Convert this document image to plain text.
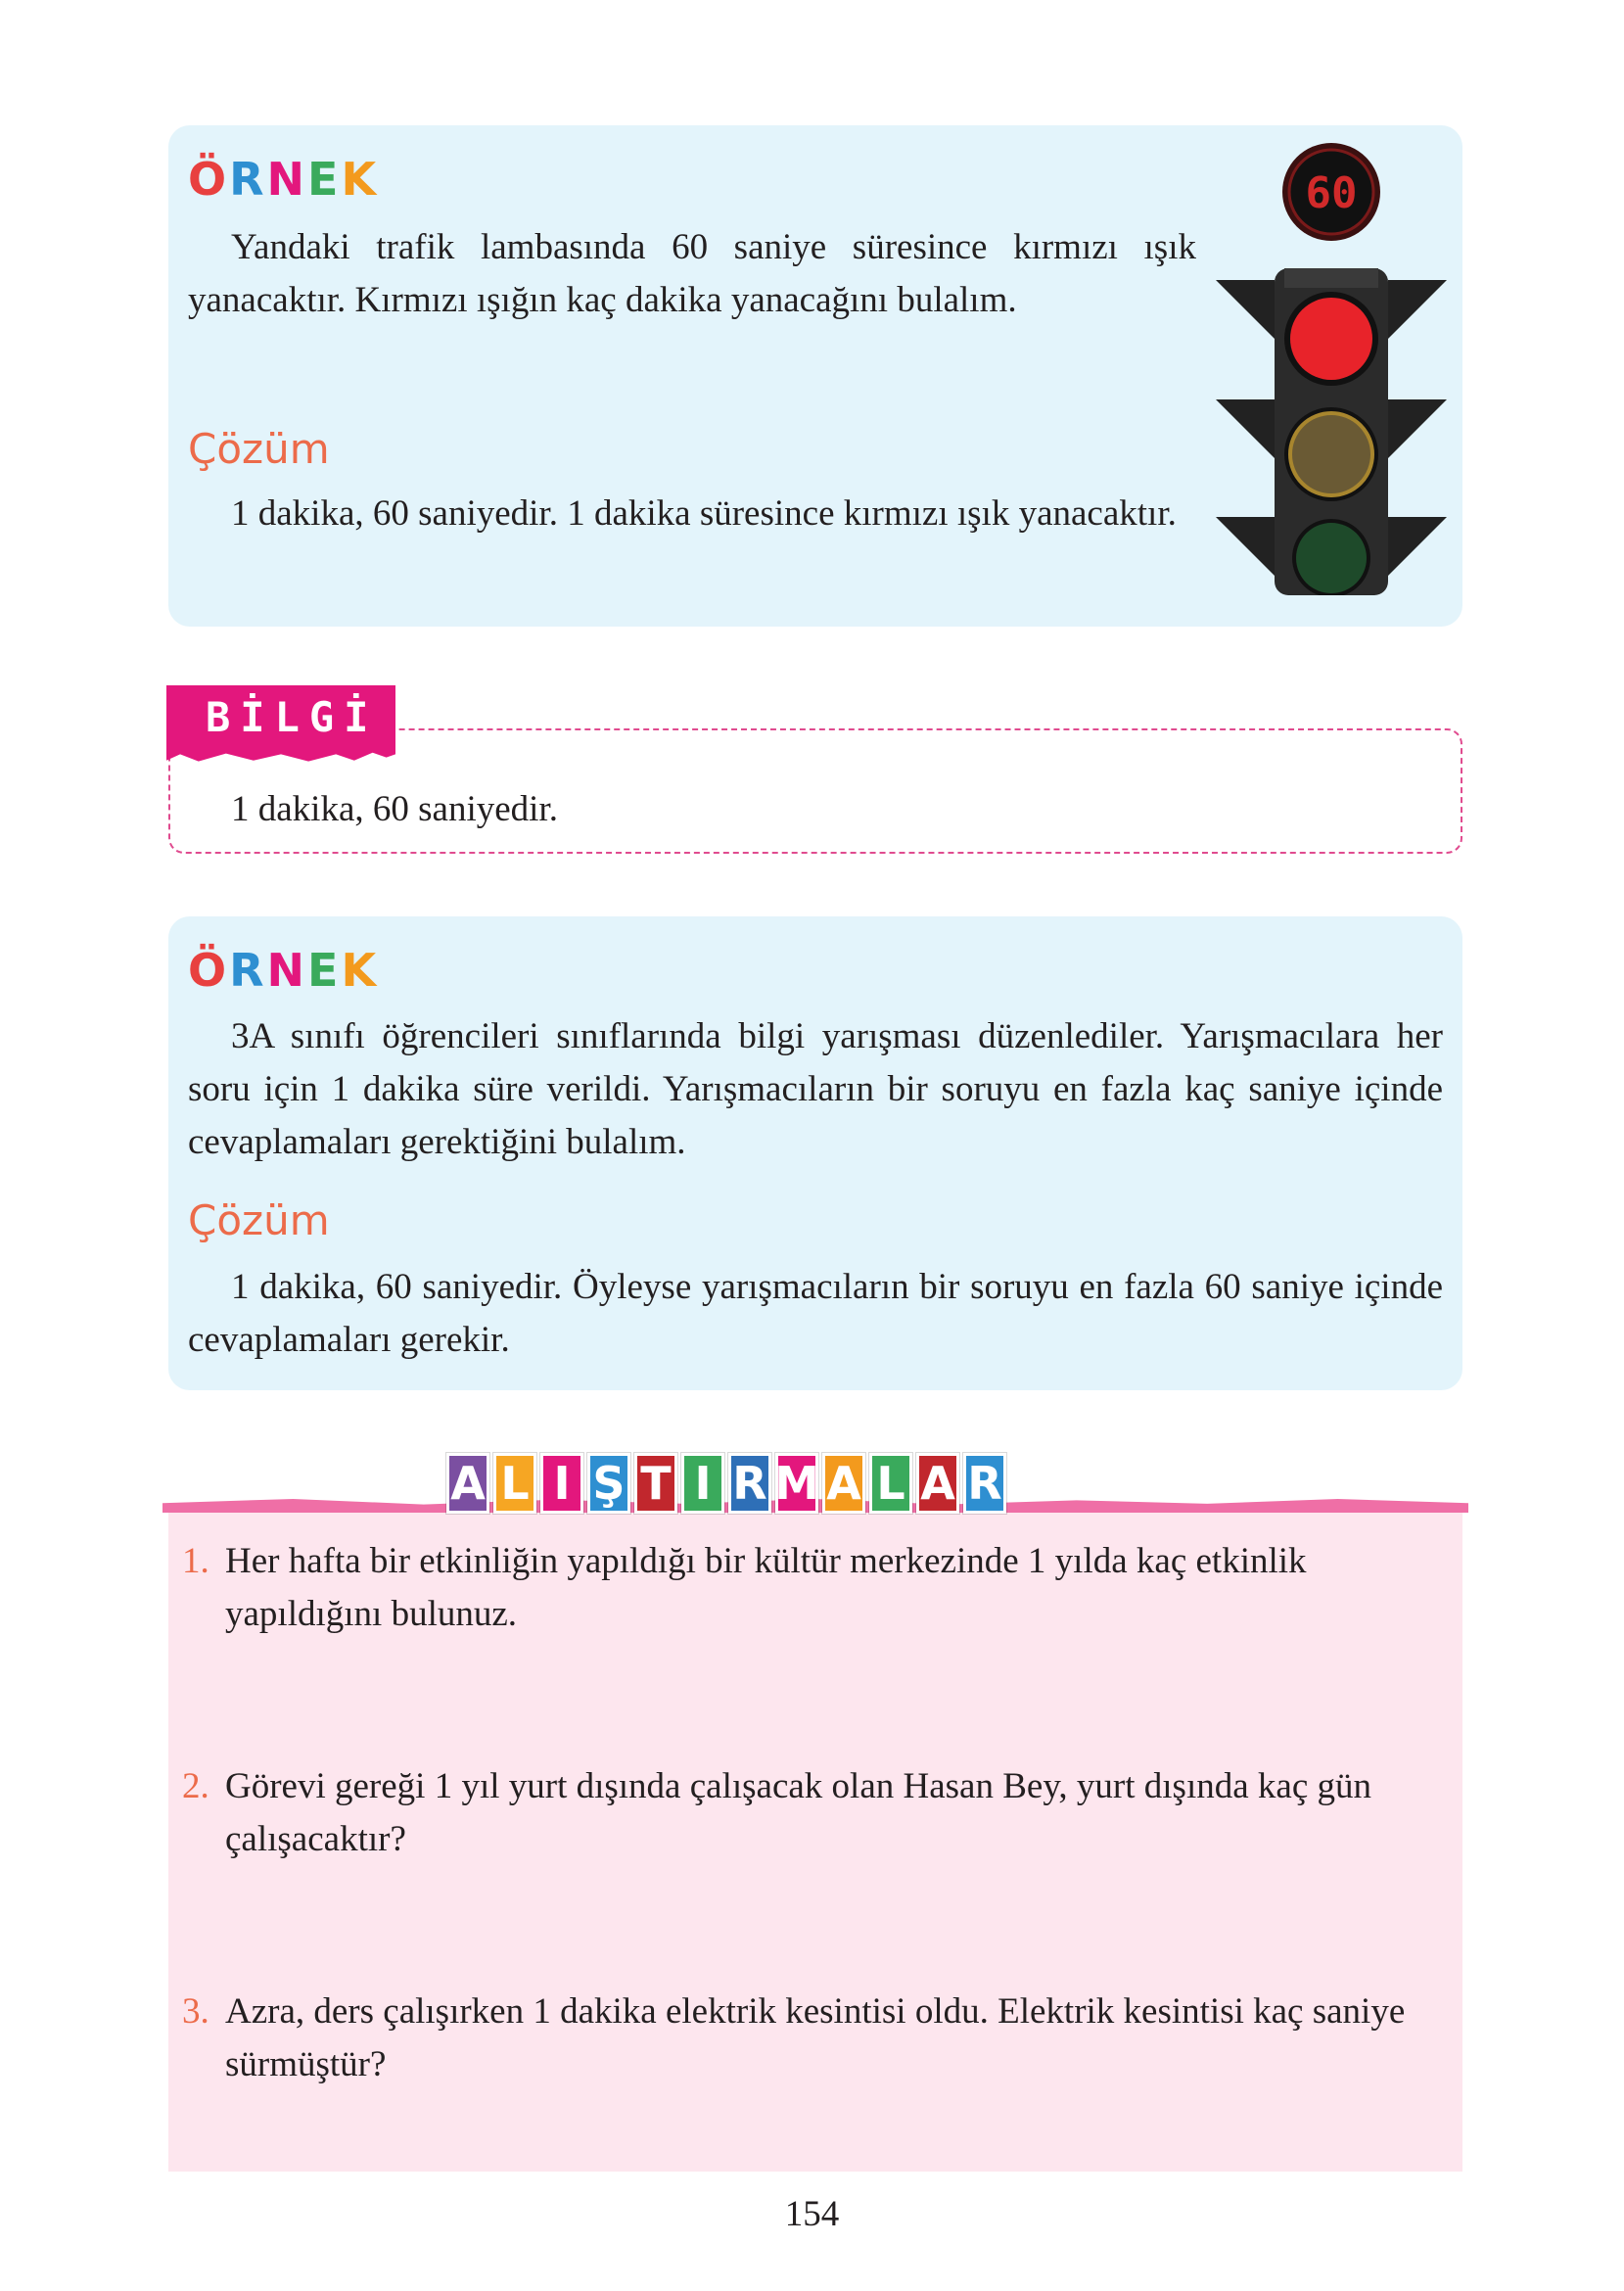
ÖRNEK

Yandaki trafik lambasında 60 saniye süresince kırmızı ışık yanacaktır. Kırmızı ışığın kaç dakika yanacağını bulalım.

Çözüm

1 dakika, 60 saniyedir. 1 dakika süresince kırmızı ışık yanacaktır.

60
BİLGİ
1 dakika, 60 saniyedir.
ÖRNEK

3A sınıfı öğrencileri sınıflarında bilgi yarışması düzenlediler. Yarışmacılara her soru için 1 dakika süre verildi. Yarışmacıların bir soruyu en fazla kaç saniye içinde cevaplamaları gerektiğini bulalım.

Çözüm

1 dakika, 60 saniyedir. Öyleyse yarışmacıların bir soruyu en fazla 60 saniye içinde cevaplamaları gerekir.

A L I Ş T I R M A L A R
1. Her hafta bir etkinliğin yapıldığı bir kültür merkezinde 1 yılda kaç etkinlik yapıldığını bulunuz.
2. Görevi gereği 1 yıl yurt dışında çalışacak olan Hasan Bey, yurt dışında kaç gün çalışacaktır?
3. Azra, ders çalışırken 1 dakika elektrik kesintisi oldu. Elektrik kesintisi kaç saniye sürmüştür?
154
